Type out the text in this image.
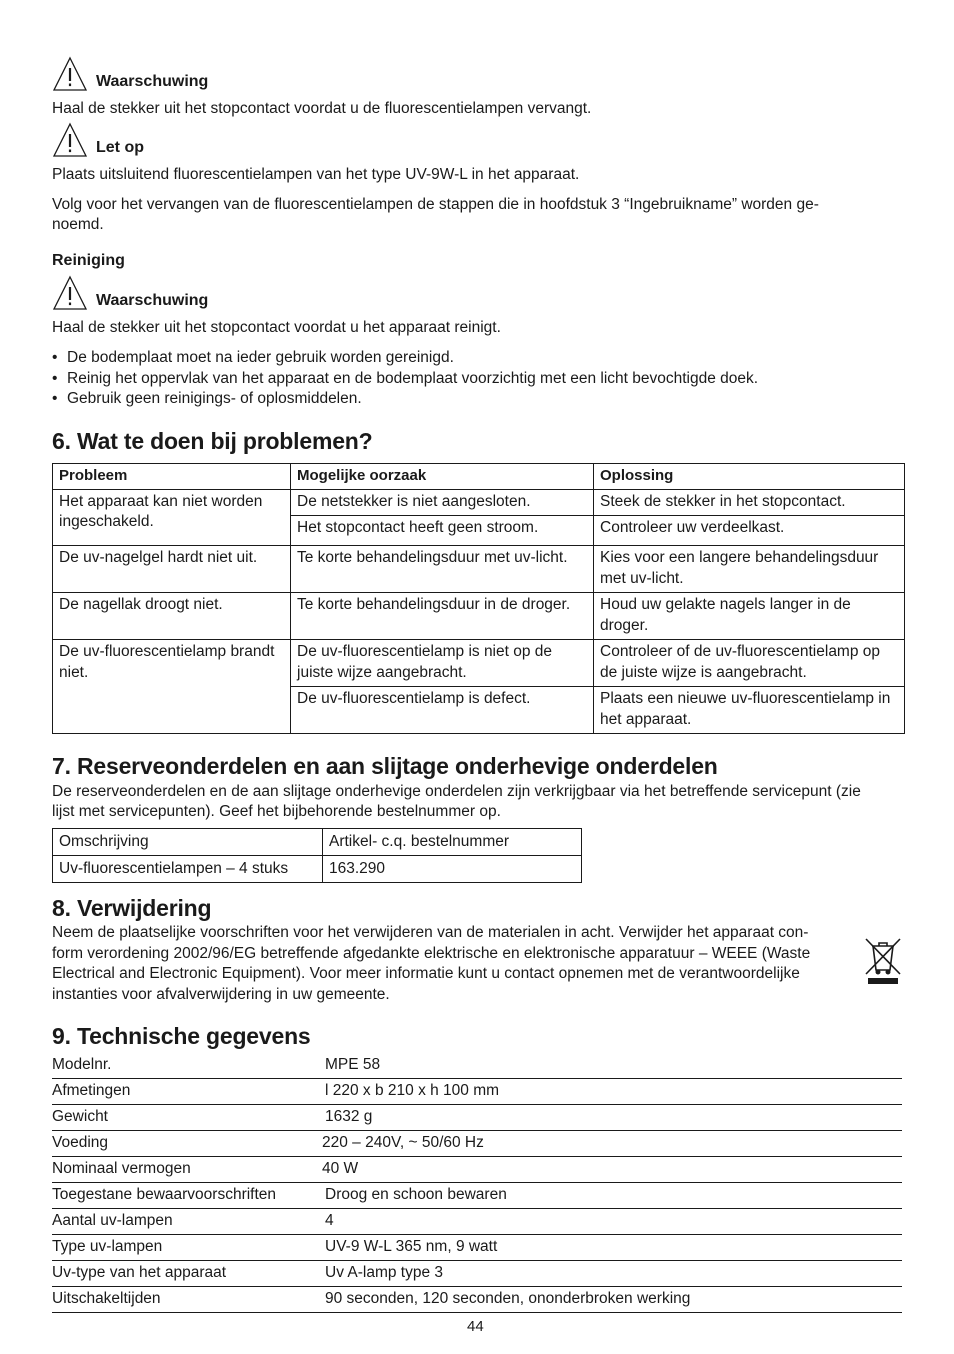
Waarschuwing

Haal de stekker uit het stopcontact voordat u de fluorescentielampen vervangt.

Let op

Plaats uitsluitend fluorescentielampen van het type UV-9W-L in het apparaat.

Volg voor het vervangen van de fluorescentielampen de stappen die in hoofdstuk 3 “Ingebruikname” worden ge-

noemd.

Reiniging

Waarschuwing

Haal de stekker uit het stopcontact voordat u het apparaat reinigt.

• De bodemplaat moet na ieder gebruik worden gereinigd.
• Reinig het oppervlak van het apparaat en de bodemplaat voorzichtig met een licht bevochtigde doek.
• Gebruik geen reinigings- of oplosmiddelen.
6. Wat te doen bij problemen?
Probleem	Mogelijke oorzaak	Oplossing
Het apparaat kan niet worden ingeschakeld.	De netstekker is niet aangesloten.	Steek de stekker in het stopcontact.
	Het stopcontact heeft geen stroom.	Controleer uw verdeelkast.
De uv-nagelgel hardt niet uit.	Te korte behandelingsduur met uv-licht.	Kies voor een langere behandelingsduur met uv-licht.
De nagellak droogt niet.	Te korte behandelingsduur in de droger.	Houd uw gelakte nagels langer in de droger.
De uv-fluorescentielamp brandt niet.	De uv-fluorescentielamp is niet op de juiste wijze aangebracht.	Controleer of de uv-fluorescentielamp op de juiste wijze is aangebracht.
	De uv-fluorescentielamp is defect.	Plaats een nieuwe uv-fluorescentielamp in het apparaat.
7. Reserveonderdelen en aan slijtage onderhevige onderdelen

De reserveonderdelen en de aan slijtage onderhevige onderdelen zijn verkrijgbaar via het betreffende servicepunt (zie

lijst met servicepunten). Geef het bijbehorende bestelnummer op.

Omschrijving	Artikel- c.q. bestelnummer
Uv-fluorescentielampen – 4 stuks	163.290
8. Verwijdering

Neem de plaatselijke voorschriften voor het verwijderen van de materialen in acht. Verwijder het apparaat con-

form verordening 2002/96/EG betreffende afgedankte elektrische en elektronische apparatuur – WEEE (Waste

Electrical and Electronic Equipment). Voor meer informatie kunt u contact opnemen met de verantwoordelijke

instanties voor afvalverwijdering in uw gemeente.

9. Technische gegevens
Modelnr.	MPE 58
Afmetingen	l 220 x b 210 x h 100 mm
Gewicht	1632 g
Voeding	220 – 240V, ~ 50/60 Hz
Nominaal vermogen	40 W
Toegestane bewaarvoorschriften	Droog en schoon bewaren
Aantal uv-lampen	4
Type uv-lampen	UV-9 W-L 365 nm, 9 watt
Uv-type van het apparaat	Uv A-lamp type 3
Uitschakeltijden	90 seconden, 120 seconden, ononderbroken werking
44
